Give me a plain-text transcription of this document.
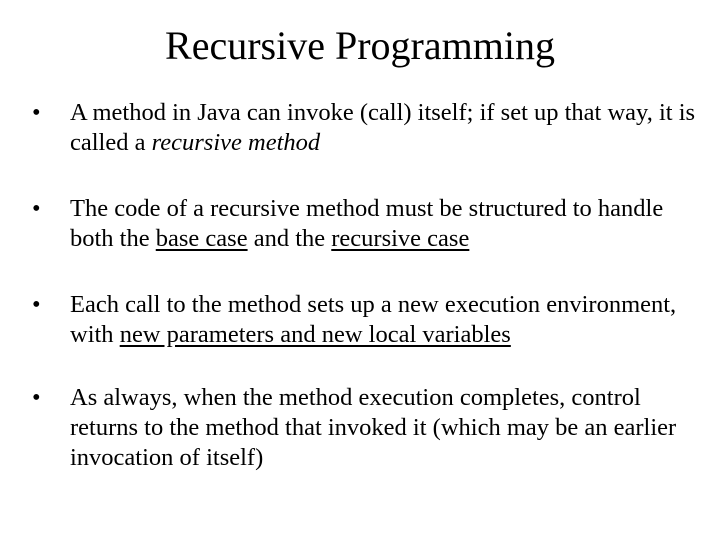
Recursive Programming
• A method in Java can invoke (call) itself; if set up that way, it is called a recursive method
• The code of a recursive method must be structured to handle both the base case and the recursive case
• Each call to the method sets up a new execution environment, with new parameters and new local variables
• As always, when the method execution completes, control returns to the method that invoked it (which may be an earlier invocation of itself)
